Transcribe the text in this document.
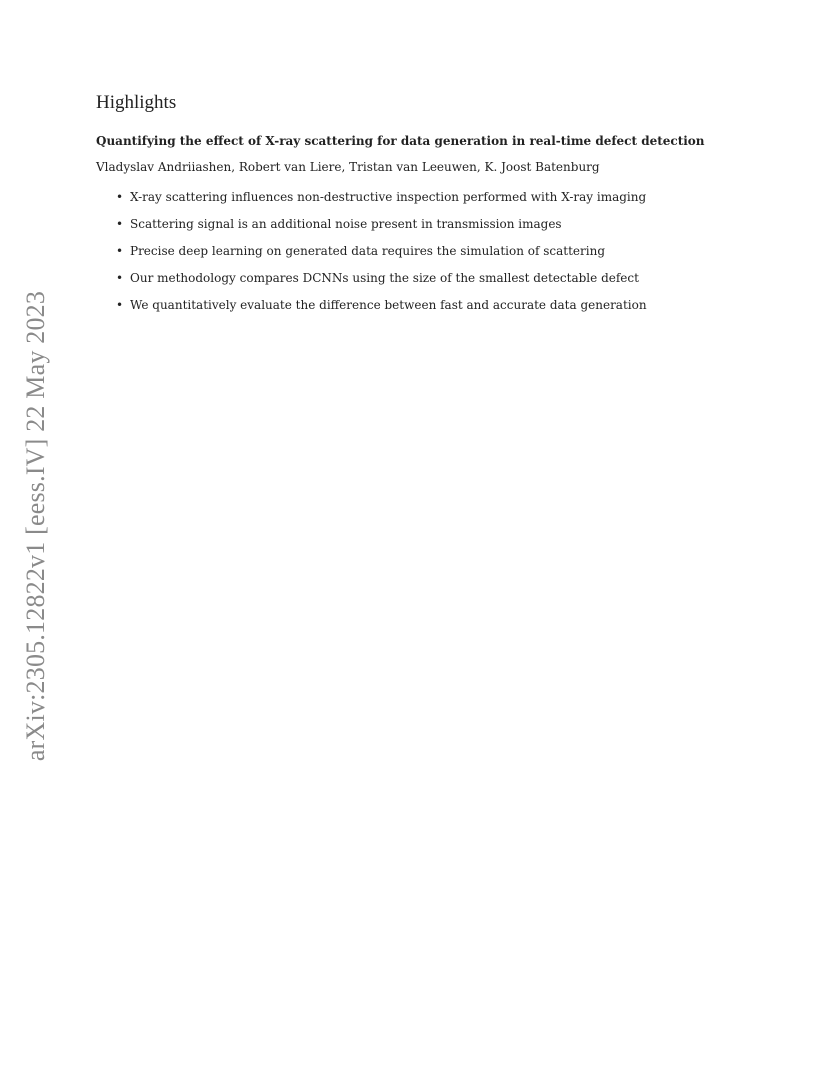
arXiv:2305.12822v1 [eess.IV] 22 May 2023
Highlights
Quantifying the effect of X-ray scattering for data generation in real-time defect detection
Vladyslav Andriiashen, Robert van Liere, Tristan van Leeuwen, K. Joost Batenburg
• X-ray scattering influences non-destructive inspection performed with X-ray imaging
• Scattering signal is an additional noise present in transmission images
• Precise deep learning on generated data requires the simulation of scattering
• Our methodology compares DCNNs using the size of the smallest detectable defect
• We quantitatively evaluate the difference between fast and accurate data generation
